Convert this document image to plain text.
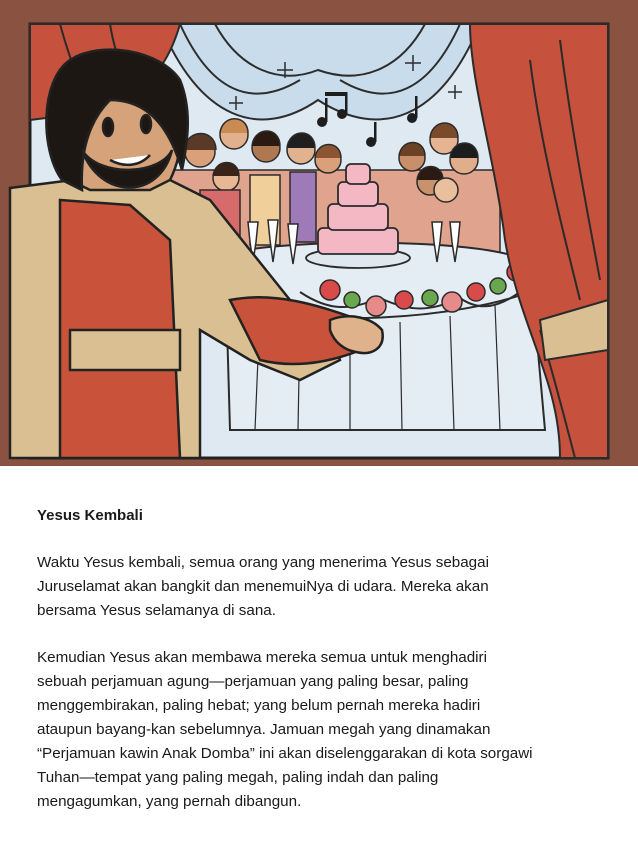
Yesus Kembali
Waktu Yesus kembali, semua orang yang menerima Yesus sebagai
Juruselamat akan bangkit dan menemuiNya di udara. Mereka akan
bersama Yesus selamanya di sana.
Kemudian Yesus akan membawa mereka semua untuk menghadiri
sebuah perjamuan agung—perjamuan yang paling besar, paling
menggembirakan, paling hebat; yang belum pernah mereka hadiri
ataupun bayang-kan sebelumnya. Jamuan megah yang dinamakan
“Perjamuan kawin Anak Domba” ini akan diselenggarakan di kota sorgawi
Tuhan—tempat yang paling megah, paling indah dan paling
mengagumkan, yang pernah dibangun.
